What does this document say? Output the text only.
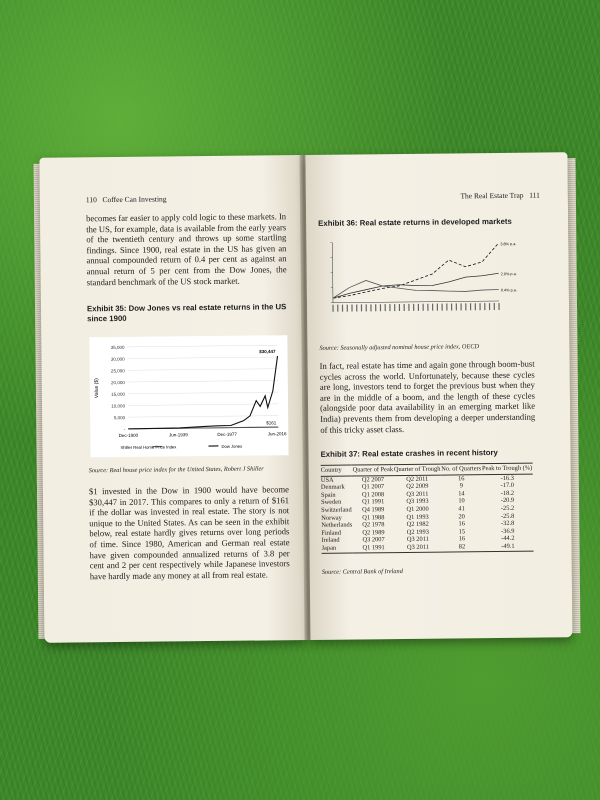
110 Coffee Can Investing
becomes far easier to apply cold logic to these markets. In the US, for example, data is available from the early years of the twentieth century and throws up some startling findings. Since 1900, real estate in the US has given an annual compounded return of 0.4 per cent as against an annual return of 5 per cent from the Dow Jones, the standard benchmark of the US stock market.
Exhibit 35: Dow Jones vs real estate returns in the US since 1900
35,000
30,000
25,000
20,000
15,000
10,000
5,000
-
Value ($)
Dec-1900	Jun-1939	Dec-1977	Jun-2016
$30,447
$161
Shiller Real Home Price Index	Dow Jones
Source: Real house price index for the United States, Robert J Shiller
$1 invested in the Dow in 1900 would have become $30,447 in 2017. This compares to only a return of $161 if the dollar was invested in real estate. The story is not unique to the United States. As can be seen in the exhibit below, real estate hardly gives returns over long periods of time. Since 1980, American and German real estate have given compounded annualized returns of 3.8 per cent and 2 per cent respectively while Japanese investors have hardly made any money at all from real estate.
The Real Estate Trap 111
Exhibit 36: Real estate returns in developed markets
3.8% p.a.
2.0% p.a.
0.4% p.a.
Source: Seasonally adjusted nominal house price index, OECD
In fact, real estate has time and again gone through boom-bust cycles across the world. Unfortunately, because these cycles are long, investors tend to forget the previous bust when they are in the middle of a boom, and the length of these cycles (alongside poor data availability in an emerging market like India) prevents them from developing a deeper understanding of this tricky asset class.
Exhibit 37: Real estate crashes in recent history
Country	Quarter of Peak	Quarter of Trough	No. of Quarters	Peak to Trough (%)
USA	Q2 2007	Q2 2011	16	-16.3
Denmark	Q1 2007	Q2 2009	9	-17.0
Spain	Q1 2008	Q3 2011	14	-18.2
Sweden	Q1 1991	Q3 1993	10	-20.9
Switzerland	Q4 1989	Q1 2000	41	-25.2
Norway	Q1 1988	Q1 1993	20	-25.8
Netherlands	Q2 1978	Q2 1982	16	-32.8
Finland	Q2 1989	Q2 1993	15	-36.9
Ireland	Q3 2007	Q3 2011	16	-44.2
Japan	Q1 1991	Q3 2011	82	-49.1
Source: Central Bank of Ireland
